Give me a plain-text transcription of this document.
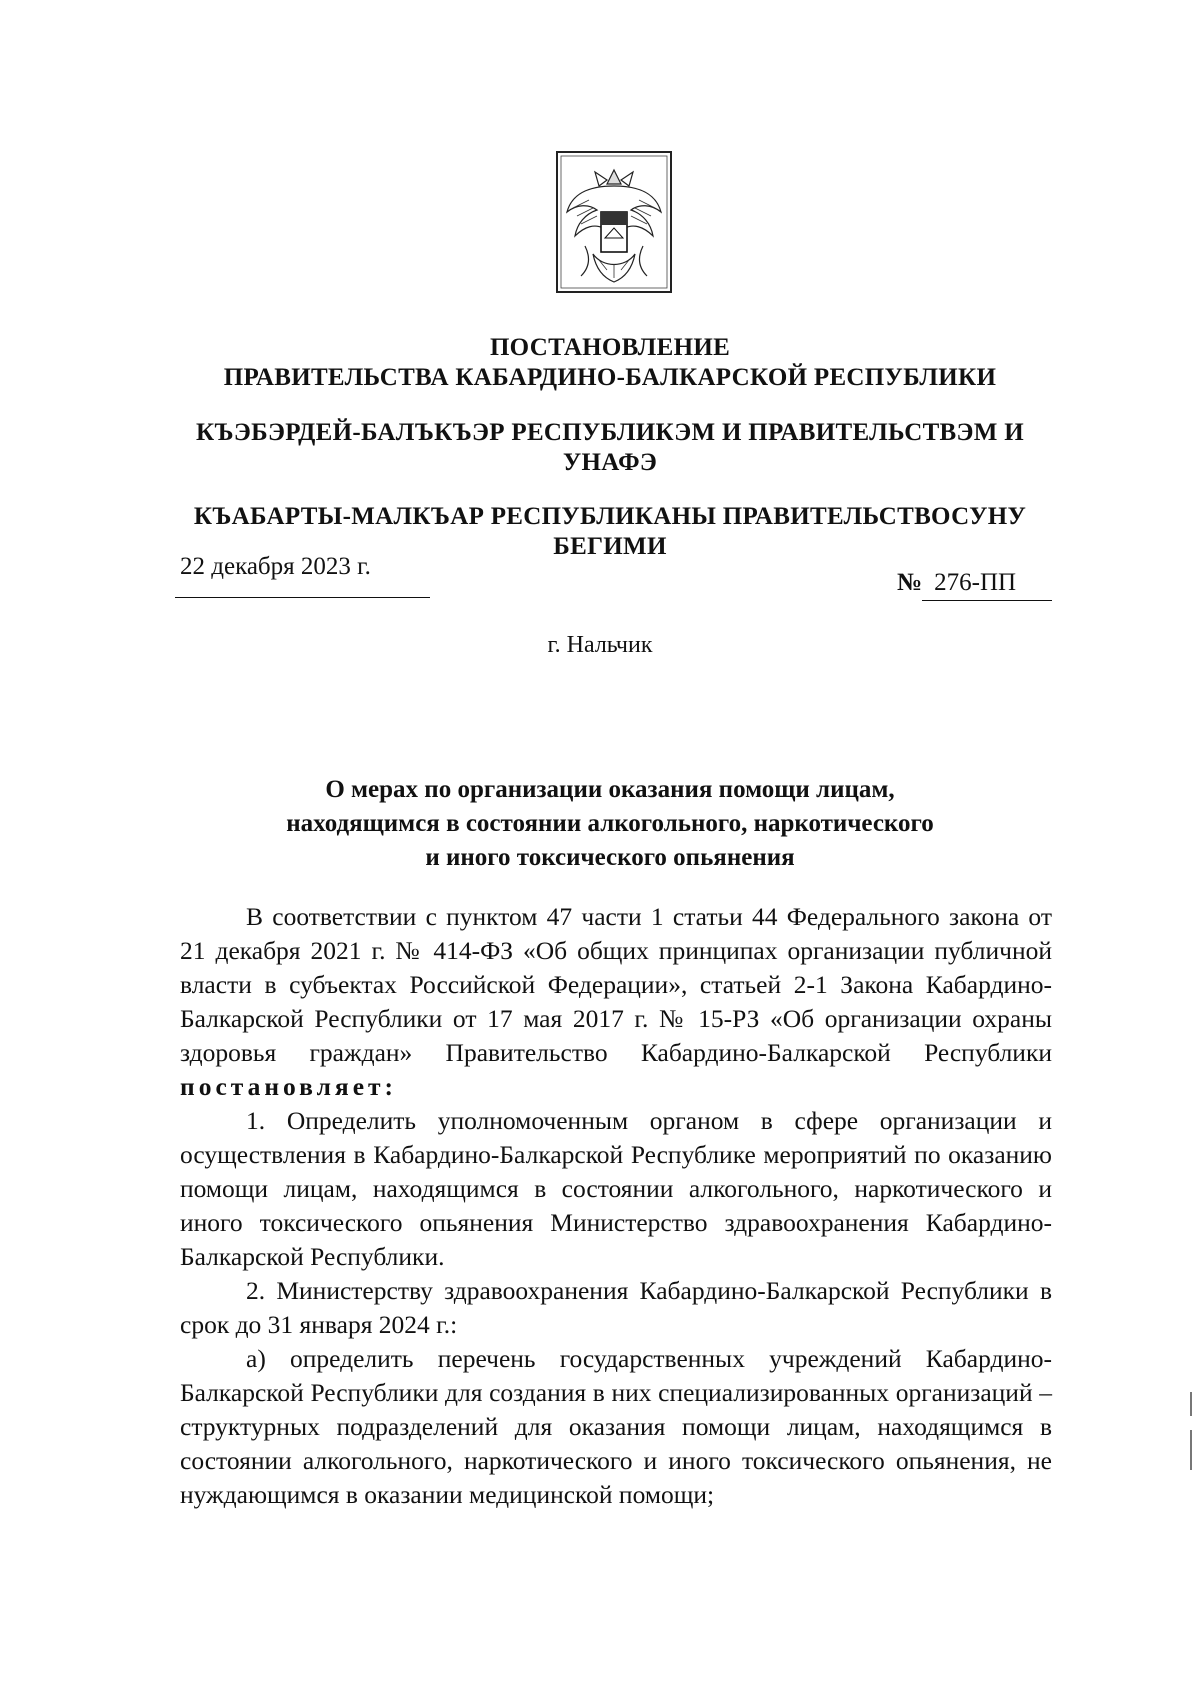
ПОСТАНОВЛЕНИЕ
ПРАВИТЕЛЬСТВА КАБАРДИНО-БАЛКАРСКОЙ РЕСПУБЛИКИ
КЪЭБЭРДЕЙ-БАЛЪКЪЭР РЕСПУБЛИКЭМ И ПРАВИТЕЛЬСТВЭМ И
УНАФЭ
КЪАБАРТЫ-МАЛКЪАР РЕСПУБЛИКАНЫ ПРАВИТЕЛЬСТВОСУНУ
БЕГИМИ
22 декабря 2023 г.
№ 276-ПП
г. Нальчик
О мерах по организации оказания помощи лицам,
находящимся в состоянии алкогольного, наркотического
и иного токсического опьянения

В соответствии с пунктом 47 части 1 статьи 44 Федерального закона от 21 декабря 2021 г. № 414-ФЗ «Об общих принципах организации публичной власти в субъектах Российской Федерации», статьей 2-1 Закона Кабардино-Балкарской Республики от 17 мая 2017 г. № 15-РЗ «Об организации охраны здоровья граждан» Правительство Кабардино-Балкарской Республики постановляет:

1. Определить уполномоченным органом в сфере организации и осуществления в Кабардино-Балкарской Республике мероприятий по оказанию помощи лицам, находящимся в состоянии алкогольного, наркотического и иного токсического опьянения Министерство здравоохранения Кабардино-Балкарской Республики.

2. Министерству здравоохранения Кабардино-Балкарской Республики в срок до 31 января 2024 г.:

а) определить перечень государственных учреждений Кабардино-Балкарской Республики для создания в них специализированных организаций – структурных подразделений для оказания помощи лицам, находящимся в состоянии алкогольного, наркотического и иного токсического опьянения, не нуждающимся в оказании медицинской помощи;
